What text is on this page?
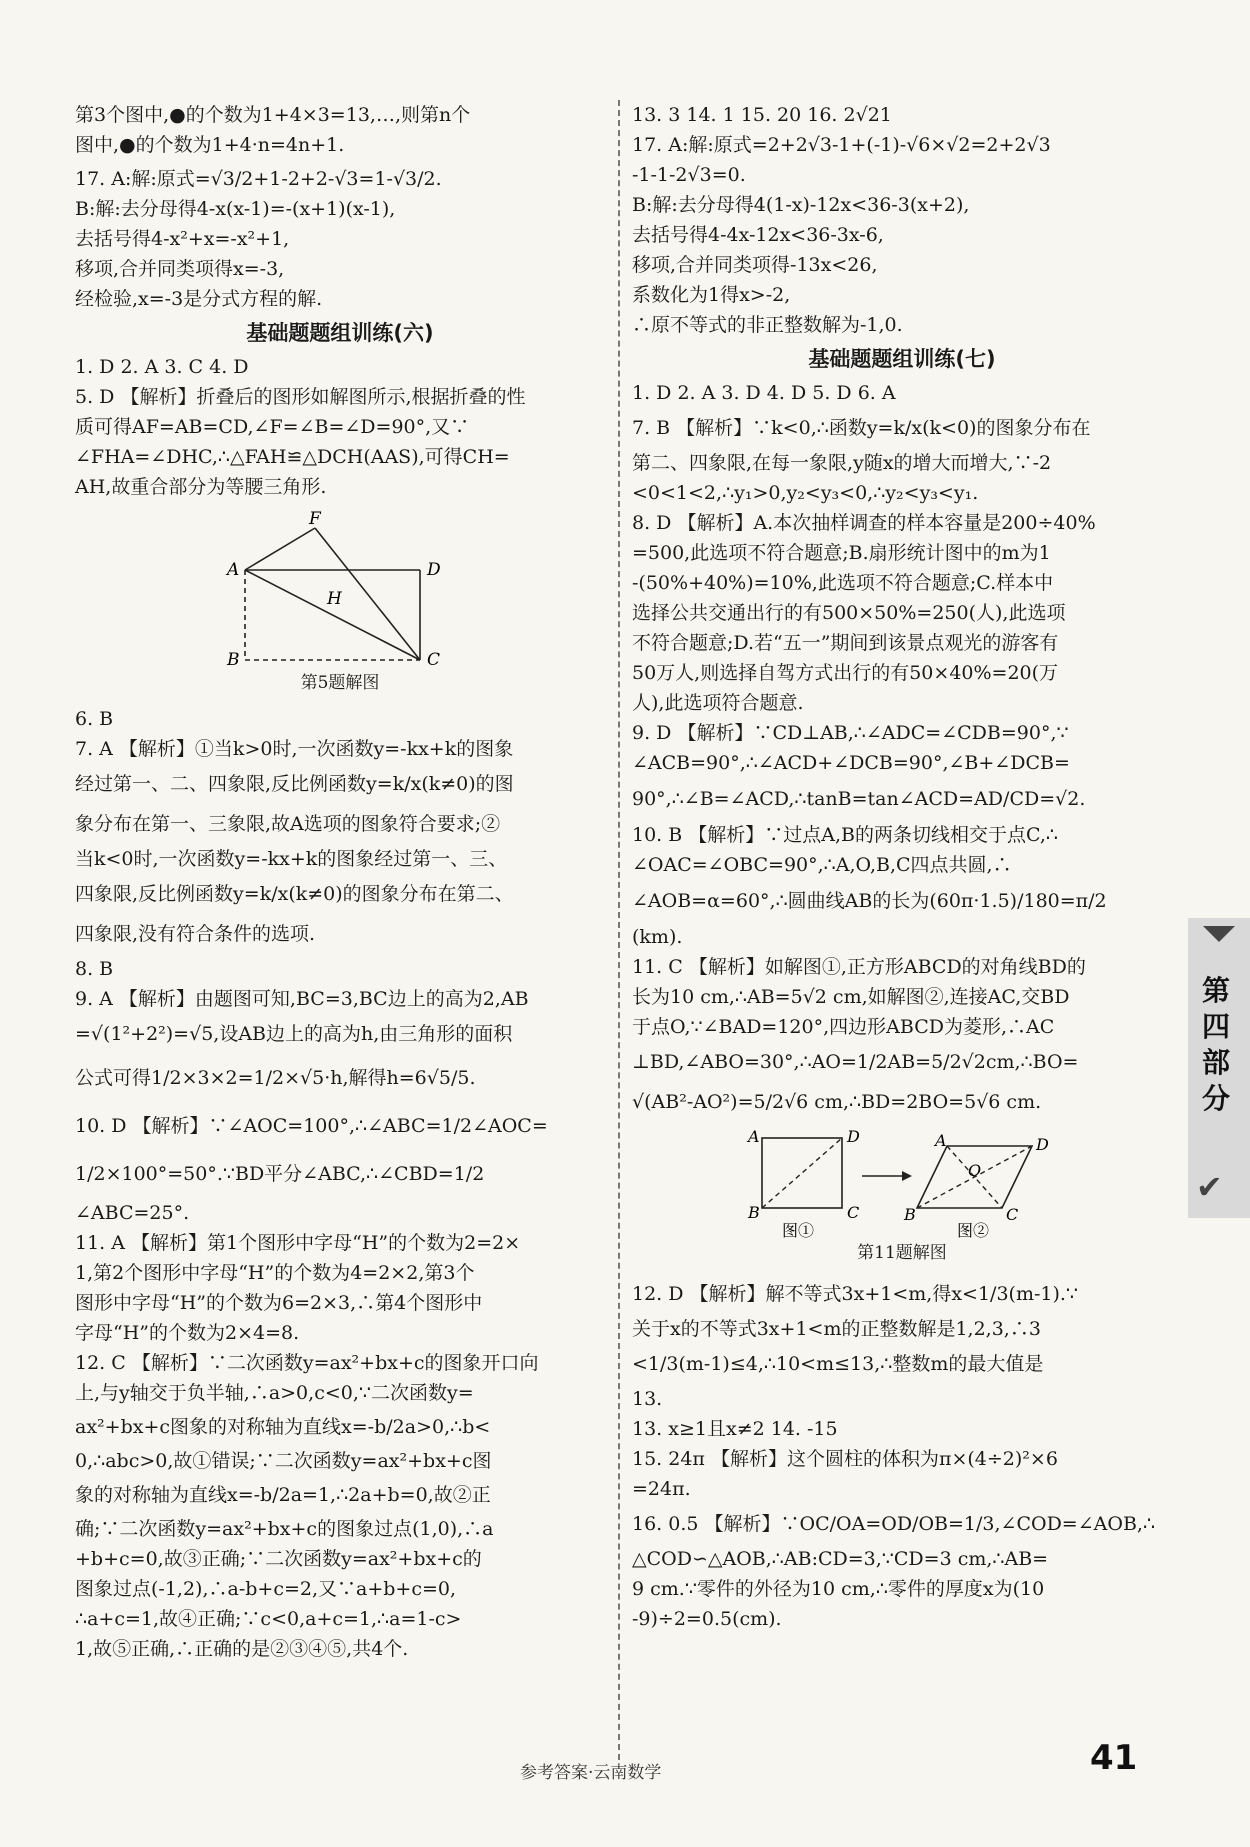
第3个图中,●的个数为1+4×3=13,…,则第n个

图中,●的个数为1+4·n=4n+1.

17. A:解:原式=√3/2+1-2+2-√3=1-√3/2.

B:解:去分母得4-x(x-1)=-(x+1)(x-1),

去括号得4-x²+x=-x²+1,

移项,合并同类项得x=-3,

经检验,x=-3是分式方程的解.

基础题题组训练(六)

1. D 2. A 3. C 4. D

5. D 【解析】折叠后的图形如解图所示,根据折叠的性

质可得AF=AB=CD,∠F=∠B=∠D=90°,又∵

∠FHA=∠DHC,∴△FAH≌△DCH(AAS),可得CH=

AH,故重合部分为等腰三角形.

F
A	D
H
B	C

第5题解图

6. B

7. A 【解析】①当k>0时,一次函数y=-kx+k的图象

经过第一、二、四象限,反比例函数y=k/x(k≠0)的图

象分布在第一、三象限,故A选项的图象符合要求;②

当k<0时,一次函数y=-kx+k的图象经过第一、三、

四象限,反比例函数y=k/x(k≠0)的图象分布在第二、

四象限,没有符合条件的选项.

8. B

9. A 【解析】由题图可知,BC=3,BC边上的高为2,AB

=√(1²+2²)=√5,设AB边上的高为h,由三角形的面积

公式可得1/2×3×2=1/2×√5·h,解得h=6√5/5.

10. D 【解析】∵∠AOC=100°,∴∠ABC=1/2∠AOC=

1/2×100°=50°.∵BD平分∠ABC,∴∠CBD=1/2

∠ABC=25°.

11. A 【解析】第1个图形中字母“H”的个数为2=2×

1,第2个图形中字母“H”的个数为4=2×2,第3个

图形中字母“H”的个数为6=2×3,∴第4个图形中

字母“H”的个数为2×4=8.

12. C 【解析】∵二次函数y=ax²+bx+c的图象开口向

上,与y轴交于负半轴,∴a>0,c<0,∵二次函数y=

ax²+bx+c图象的对称轴为直线x=-b/2a>0,∴b<

0,∴abc>0,故①错误;∵二次函数y=ax²+bx+c图

象的对称轴为直线x=-b/2a=1,∴2a+b=0,故②正

确;∵二次函数y=ax²+bx+c的图象过点(1,0),∴a

+b+c=0,故③正确;∵二次函数y=ax²+bx+c的

图象过点(-1,2),∴a-b+c=2,又∵a+b+c=0,

∴a+c=1,故④正确;∵c<0,a+c=1,∴a=1-c>

1,故⑤正确,∴正确的是②③④⑤,共4个.

13. 3 14. 1 15. 20 16. 2√21

17. A:解:原式=2+2√3-1+(-1)-√6×√2=2+2√3

-1-1-2√3=0.

B:解:去分母得4(1-x)-12x<36-3(x+2),

去括号得4-4x-12x<36-3x-6,

移项,合并同类项得-13x<26,

系数化为1得x>-2,

∴原不等式的非正整数解为-1,0.

基础题题组训练(七)

1. D 2. A 3. D 4. D 5. D 6. A

7. B 【解析】∵k<0,∴函数y=k/x(k<0)的图象分布在

第二、四象限,在每一象限,y随x的增大而增大,∵-2

<0<1<2,∴y₁>0,y₂<y₃<0,∴y₂<y₃<y₁.

8. D 【解析】A.本次抽样调查的样本容量是200÷40%

=500,此选项不符合题意;B.扇形统计图中的m为1

-(50%+40%)=10%,此选项不符合题意;C.样本中

选择公共交通出行的有500×50%=250(人),此选项

不符合题意;D.若“五一”期间到该景点观光的游客有

50万人,则选择自驾方式出行的有50×40%=20(万

人),此选项符合题意.

9. D 【解析】∵CD⊥AB,∴∠ADC=∠CDB=90°,∵

∠ACB=90°,∴∠ACD+∠DCB=90°,∠B+∠DCB=

90°,∴∠B=∠ACD,∴tanB=tan∠ACD=AD/CD=√2.

10. B 【解析】∵过点A,B的两条切线相交于点C,∴

∠OAC=∠OBC=90°,∴A,O,B,C四点共圆,∴

∠AOB=α=60°,∴圆曲线AB的长为(60π·1.5)/180=π/2

(km).

11. C 【解析】如解图①,正方形ABCD的对角线BD的

长为10 cm,∴AB=5√2 cm,如解图②,连接AC,交BD

于点O,∵∠BAD=120°,四边形ABCD为菱形,∴AC

⊥BD,∠ABO=30°,∴AO=1/2AB=5/2√2cm,∴BO=

√(AB²-AO²)=5/2√6 cm,∴BD=2BO=5√6 cm.

A	D
B	C
A	D
O
B	C
图①	图②

第11题解图

12. D 【解析】解不等式3x+1<m,得x<1/3(m-1).∵

关于x的不等式3x+1<m的正整数解是1,2,3,∴3

<1/3(m-1)≤4,∴10<m≤13,∴整数m的最大值是

13.

13. x≥1且x≠2 14. -15

15. 24π 【解析】这个圆柱的体积为π×(4÷2)²×6

=24π.

16. 0.5 【解析】∵OC/OA=OD/OB=1/3,∠COD=∠AOB,∴

△COD∽△AOB,∴AB:CD=3,∵CD=3 cm,∴AB=

9 cm.∵零件的外径为10 cm,∴零件的厚度x为(10

-9)÷2=0.5(cm).

第四部分
✔
参考答案·云南数学	41
